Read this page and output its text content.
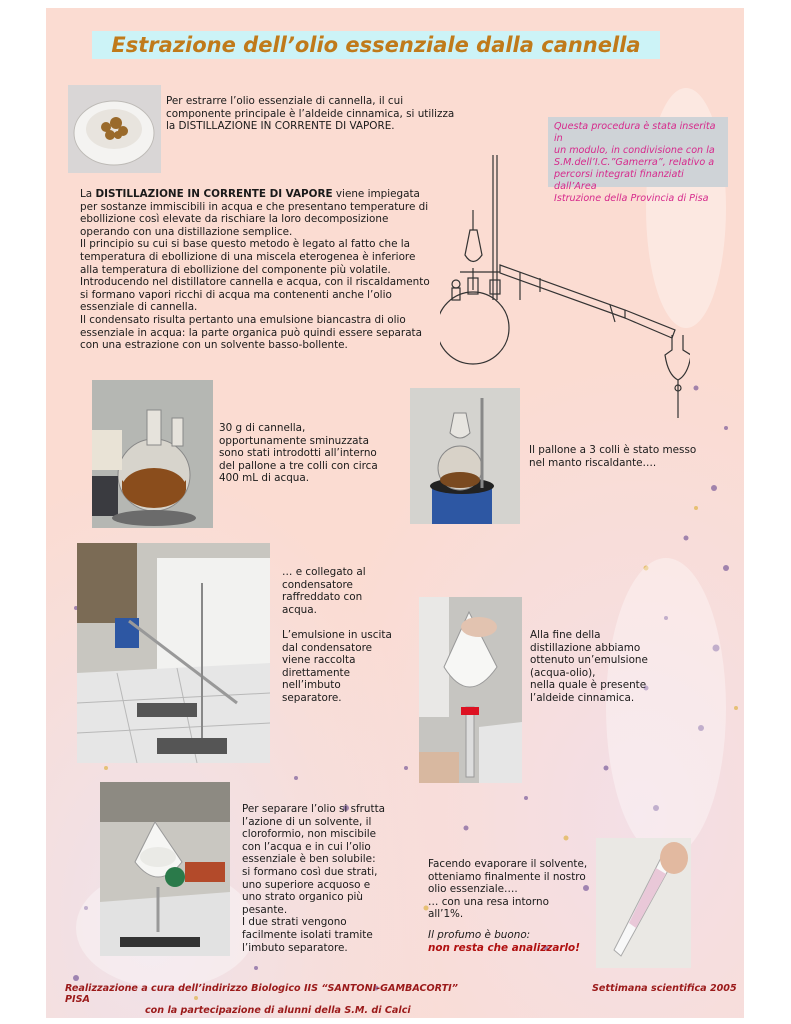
Estrazione dell’olio essenziale dalla cannella
Per estrarre l’olio essenziale di cannella, il cui
componente principale è l’aldeide cinnamica, si utilizza
la DISTILLAZIONE IN CORRENTE DI VAPORE.	Questa procedura è stata inserita in
un modulo, in condivisione con la
S.M.dell’I.C.”Gamerra”, relativo a
percorsi integrati finanziati dall’Area
Istruzione della Provincia di Pisa
La DISTILLAZIONE IN CORRENTE DI VAPORE viene impiegata
per sostanze immiscibili in acqua e che presentano temperature di
ebollizione così elevate da rischiare la loro decomposizione
operando con una distillazione semplice.
Il principio su cui si base questo metodo è legato al fatto che la
temperatura di ebollizione di una miscela eterogenea è inferiore
alla temperatura di ebollizione del componente più volatile.
Introducendo nel distillatore cannella e acqua, con il riscaldamento
si formano vapori ricchi di acqua ma contenenti anche l’olio
essenziale di cannella.
Il condensato risulta pertanto una emulsione biancastra di olio
essenziale in acqua: la parte organica può quindi essere separata
con una estrazione con un solvente basso-bollente.
30 g di cannella,
opportunamente sminuzzata
sono stati introdotti all’interno
del pallone a tre colli con circa
400 mL di acqua.
Il pallone a 3 colli è stato messo
nel manto riscaldante….
… e collegato al
condensatore
raffreddato con
acqua.
L’emulsione in uscita
dal condensatore
viene raccolta
direttamente
nell’imbuto
separatore.
Alla fine della
distillazione abbiamo
ottenuto un’emulsione
(acqua-olio),
nella quale è presente
l’aldeide cinnamica.
Per separare l’olio si sfrutta
l’azione di un solvente, il
cloroformio, non miscibile
con l’acqua e in cui l’olio
essenziale è ben solubile:
si formano così due strati,
uno superiore acquoso e
uno strato organico più
pesante.
I due strati vengono
facilmente isolati tramite
l’imbuto separatore.
Facendo evaporare il solvente,
otteniamo finalmente il nostro
olio essenziale….
… con una resa intorno
all’1%.
Il profumo è buono:
non resta che analizzarlo!
Realizzazione a cura dell’indirizzo Biologico IIS “SANTONI-GAMBACORTI” PISA
con la partecipazione di alunni della S.M. di Calci
Settimana scientifica 2005
